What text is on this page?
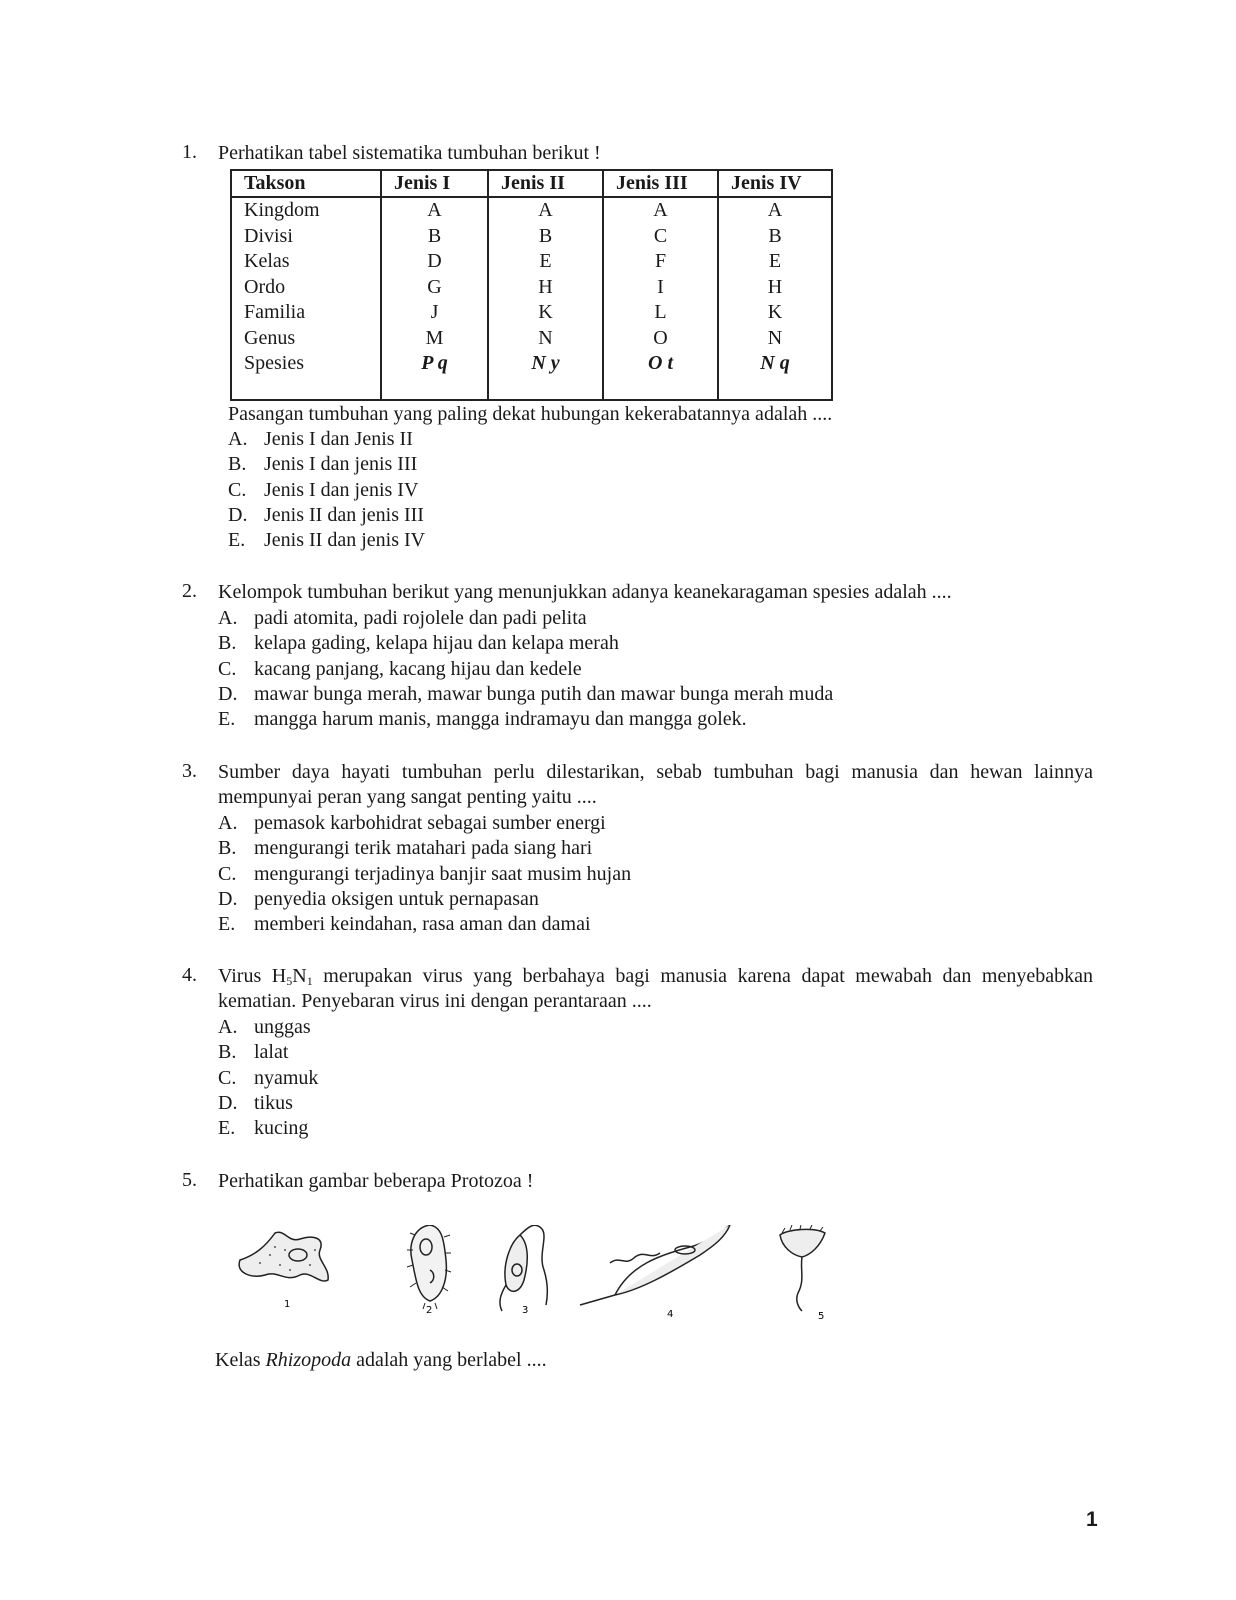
1. Perhatikan tabel sistematika tumbuhan berikut !
Takson	Jenis I	Jenis II	Jenis III	Jenis IV
Kingdom	A	A	A	A
Divisi	B	B	C	B
Kelas	D	E	F	E
Ordo	G	H	I	H
Familia	J	K	L	K
Genus	M	N	O	N
Spesies	P q	N y	O t	N q

Pasangan tumbuhan yang paling dekat hubungan kekerabatannya adalah ....
A. Jenis I dan Jenis II
B. Jenis I dan jenis III
C. Jenis I dan jenis IV
D. Jenis II dan jenis III
E. Jenis II dan jenis IV
2. Kelompok tumbuhan berikut yang menunjukkan adanya keanekaragaman spesies adalah ....
A. padi atomita, padi rojolele dan padi pelita
B. kelapa gading, kelapa hijau dan kelapa merah
C. kacang panjang, kacang hijau dan kedele
D. mawar bunga merah, mawar bunga putih dan mawar bunga merah muda
E. mangga harum manis, mangga indramayu dan mangga golek.
3. Sumber daya hayati tumbuhan perlu dilestarikan, sebab tumbuhan bagi manusia dan hewan lainnya mempunyai peran yang sangat penting yaitu ....
A. pemasok karbohidrat sebagai sumber energi
B. mengurangi terik matahari pada siang hari
C. mengurangi terjadinya banjir saat musim hujan
D. penyedia oksigen untuk pernapasan
E. memberi keindahan, rasa aman dan damai
4. Virus $H_5N_1$ merupakan virus yang berbahaya bagi manusia karena dapat mewabah dan menyebabkan kematian. Penyebaran virus ini dengan perantaraan ....
A. unggas
B. lalat
C. nyamuk
D. tikus
E. kucing
5. Perhatikan gambar beberapa Protozoa !
1
2	3	4	5
Kelas Rhizopoda adalah yang berlabel ....
1
